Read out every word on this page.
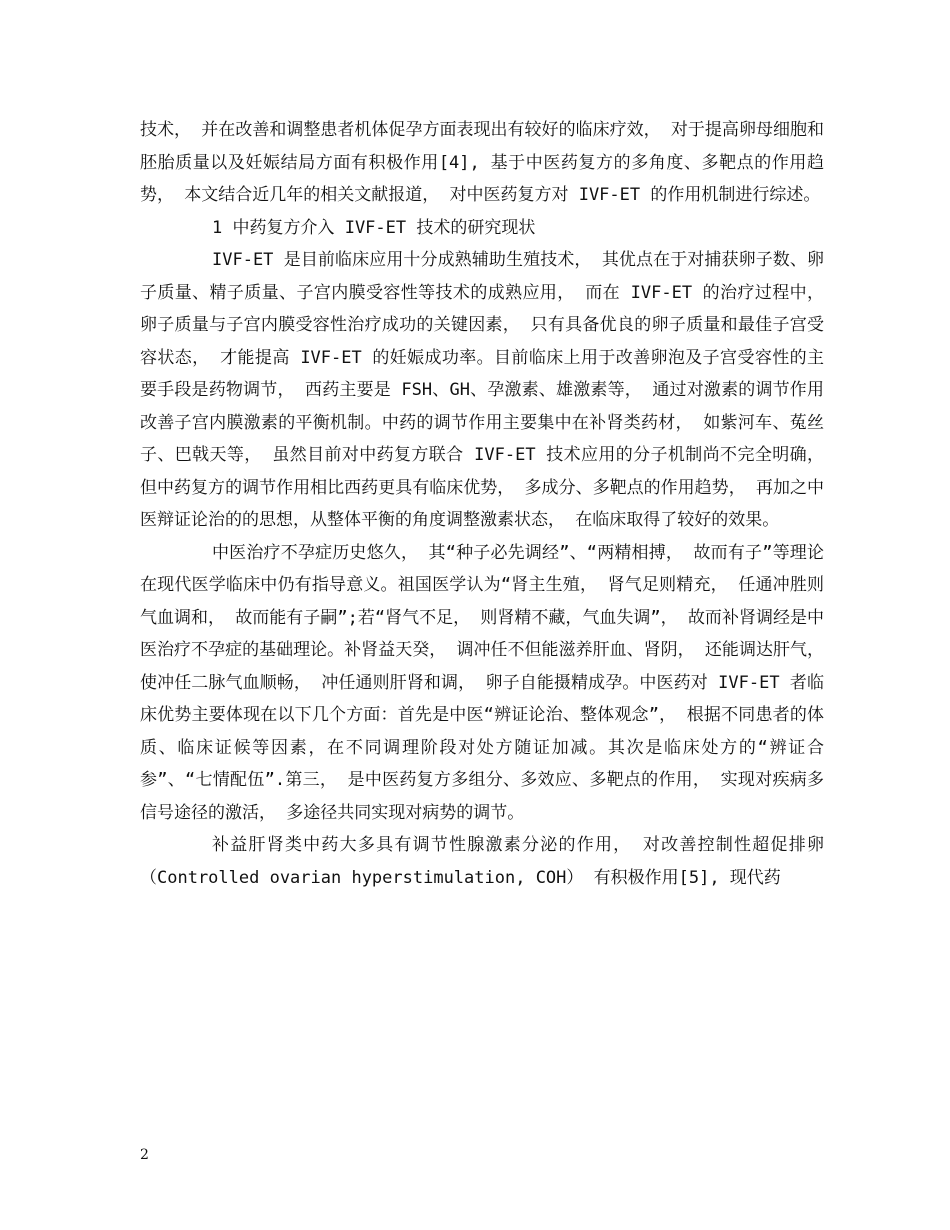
技术， 并在改善和调整患者机体促孕方面表现出有较好的临床疗效， 对于提高卵母细胞和胚胎质量以及妊娠结局方面有积极作用[4], 基于中医药复方的多角度、多靶点的作用趋势， 本文结合近几年的相关文献报道， 对中医药复方对 IVF-ET 的作用机制进行综述。

1 中药复方介入 IVF-ET 技术的研究现状

IVF-ET 是目前临床应用十分成熟辅助生殖技术， 其优点在于对捕获卵子数、卵子质量、精子质量、子宫内膜受容性等技术的成熟应用， 而在 IVF-ET 的治疗过程中， 卵子质量与子宫内膜受容性治疗成功的关键因素， 只有具备优良的卵子质量和最佳子宫受容状态， 才能提高 IVF-ET 的妊娠成功率。目前临床上用于改善卵泡及子宫受容性的主要手段是药物调节， 西药主要是 FSH、GH、孕激素、雄激素等， 通过对激素的调节作用改善子宫内膜激素的平衡机制。中药的调节作用主要集中在补肾类药材， 如紫河车、菟丝子、巴戟天等， 虽然目前对中药复方联合 IVF-ET 技术应用的分子机制尚不完全明确， 但中药复方的调节作用相比西药更具有临床优势， 多成分、多靶点的作用趋势， 再加之中医辩证论治的的思想，从整体平衡的角度调整激素状态， 在临床取得了较好的效果。

中医治疗不孕症历史悠久， 其“种子必先调经”、“两精相搏， 故而有子”等理论在现代医学临床中仍有指导意义。祖国医学认为“肾主生殖， 肾气足则精充， 任通冲胜则气血调和， 故而能有子嗣”;若“肾气不足， 则肾精不藏，气血失调”， 故而补肾调经是中医治疗不孕症的基础理论。补肾益天癸， 调冲任不但能滋养肝血、肾阴， 还能调达肝气， 使冲任二脉气血顺畅， 冲任通则肝肾和调， 卵子自能摄精成孕。中医药对 IVF-ET 者临床优势主要体现在以下几个方面：首先是中医“辨证论治、整体观念”， 根据不同患者的体质、临床证候等因素，在不同调理阶段对处方随证加减。其次是临床处方的“辨证合参”、“七情配伍”.第三， 是中医药复方多组分、多效应、多靶点的作用， 实现对疾病多信号途径的激活， 多途径共同实现对病势的调节。

补益肝肾类中药大多具有调节性腺激素分泌的作用， 对改善控制性超促排卵 （Controlled ovarian hyperstimulation, COH） 有积极作用[5], 现代药

2
